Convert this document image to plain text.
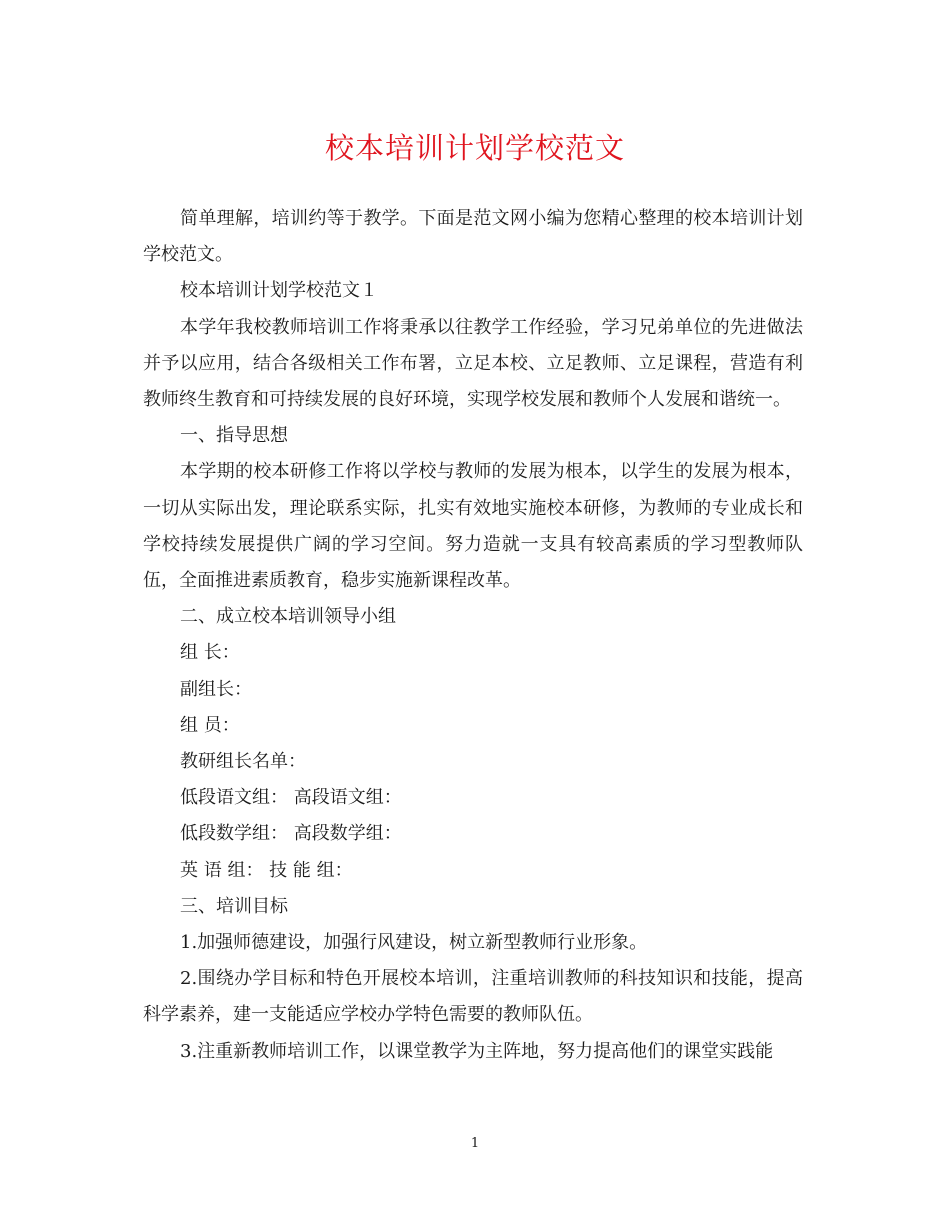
校本培训计划学校范文

简单理解，培训约等于教学。下面是范文网小编为您精心整理的校本培训计划学校范文。

校本培训计划学校范文１

本学年我校教师培训工作将秉承以往教学工作经验，学习兄弟单位的先进做法并予以应用，结合各级相关工作布署，立足本校、立足教师、立足课程，营造有利教师终生教育和可持续发展的良好环境，实现学校发展和教师个人发展和谐统一。

一、指导思想

本学期的校本研修工作将以学校与教师的发展为根本，以学生的发展为根本，一切从实际出发，理论联系实际，扎实有效地实施校本研修，为教师的专业成长和学校持续发展提供广阔的学习空间。努力造就一支具有较高素质的学习型教师队伍，全面推进素质教育，稳步实施新课程改革。

二、成立校本培训领导小组

组 长：

副组长：

组 员：

教研组长名单：

低段语文组： 高段语文组：

低段数学组： 高段数学组：

英 语 组： 技 能 组：

三、培训目标

1.加强师德建设，加强行风建设，树立新型教师行业形象。

2.围绕办学目标和特色开展校本培训，注重培训教师的科技知识和技能，提高科学素养，建一支能适应学校办学特色需要的教师队伍。

3.注重新教师培训工作，以课堂教学为主阵地，努力提高他们的课堂实践能

1
